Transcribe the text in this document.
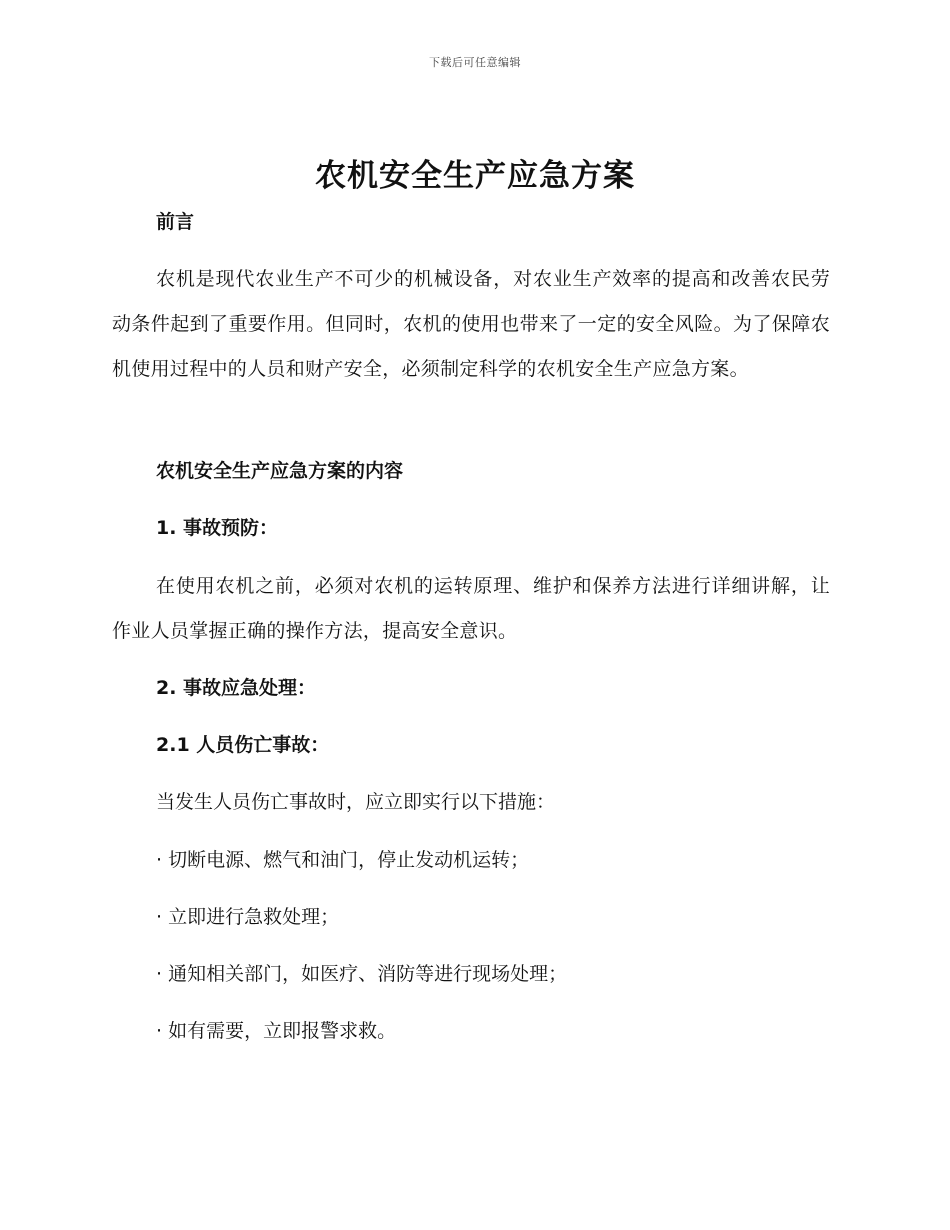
下载后可任意编辑
农机安全生产应急方案
前言

农机是现代农业生产不可少的机械设备，对农业生产效率的提高和改善农民劳动条件起到了重要作用。但同时，农机的使用也带来了一定的安全风险。为了保障农机使用过程中的人员和财产安全，必须制定科学的农机安全生产应急方案。

农机安全生产应急方案的内容
1. 事故预防：

在使用农机之前，必须对农机的运转原理、维护和保养方法进行详细讲解，让作业人员掌握正确的操作方法，提高安全意识。

2. 事故应急处理：
2.1 人员伤亡事故：
当发生人员伤亡事故时，应立即实行以下措施：
· 切断电源、燃气和油门，停止发动机运转；
· 立即进行急救处理；
· 通知相关部门，如医疗、消防等进行现场处理；
· 如有需要，立即报警求救。
